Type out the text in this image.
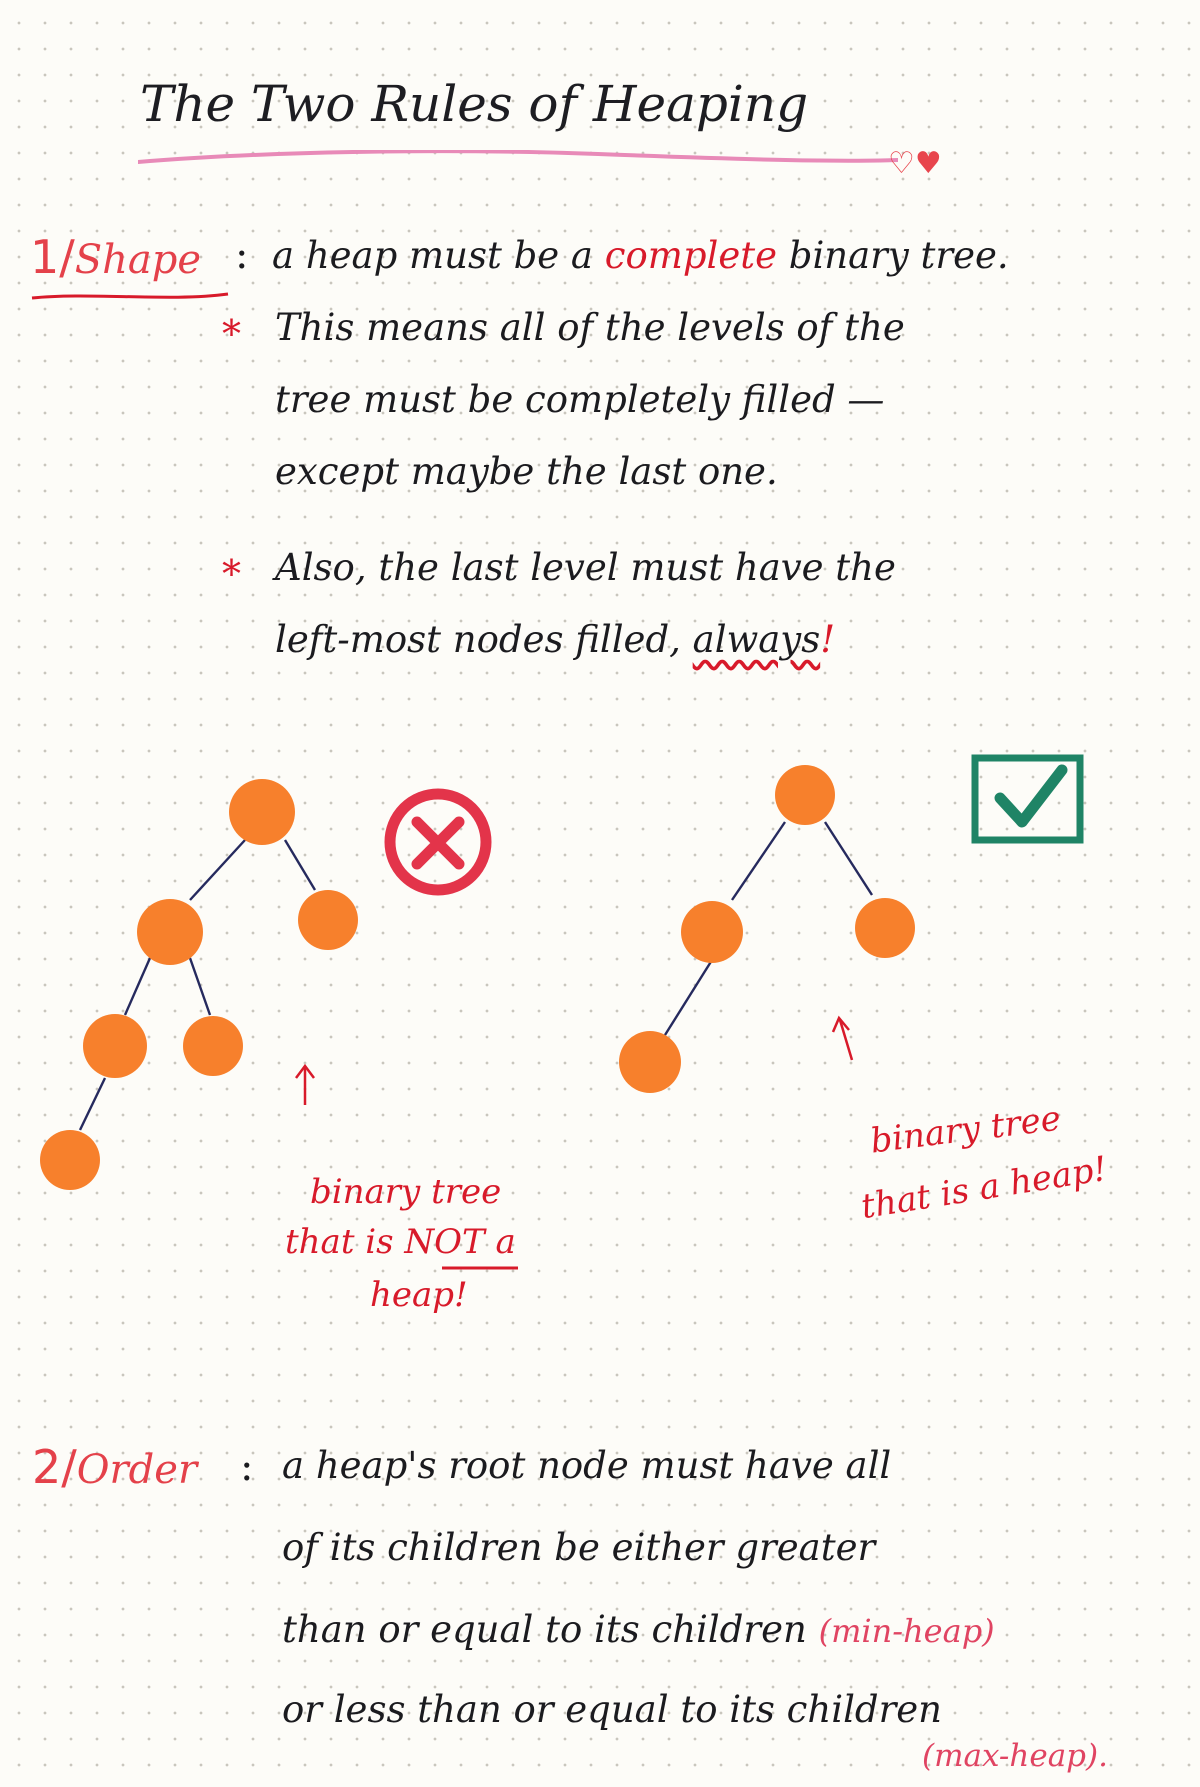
The Two Rules of Heaping
♡♥
1/Shape : a heap must be a complete binary tree.
* This means all of the levels of the
tree must be completely filled —
except maybe the last one.
* Also, the last level must have the
left-most nodes filled, always!
binary tree
that is NOT a
heap!
binary tree
that is a heap!
2/Order : a heap's root node must have all
of its children be either greater
than or equal to its children (min-heap)
or less than or equal to its children
(max-heap).
